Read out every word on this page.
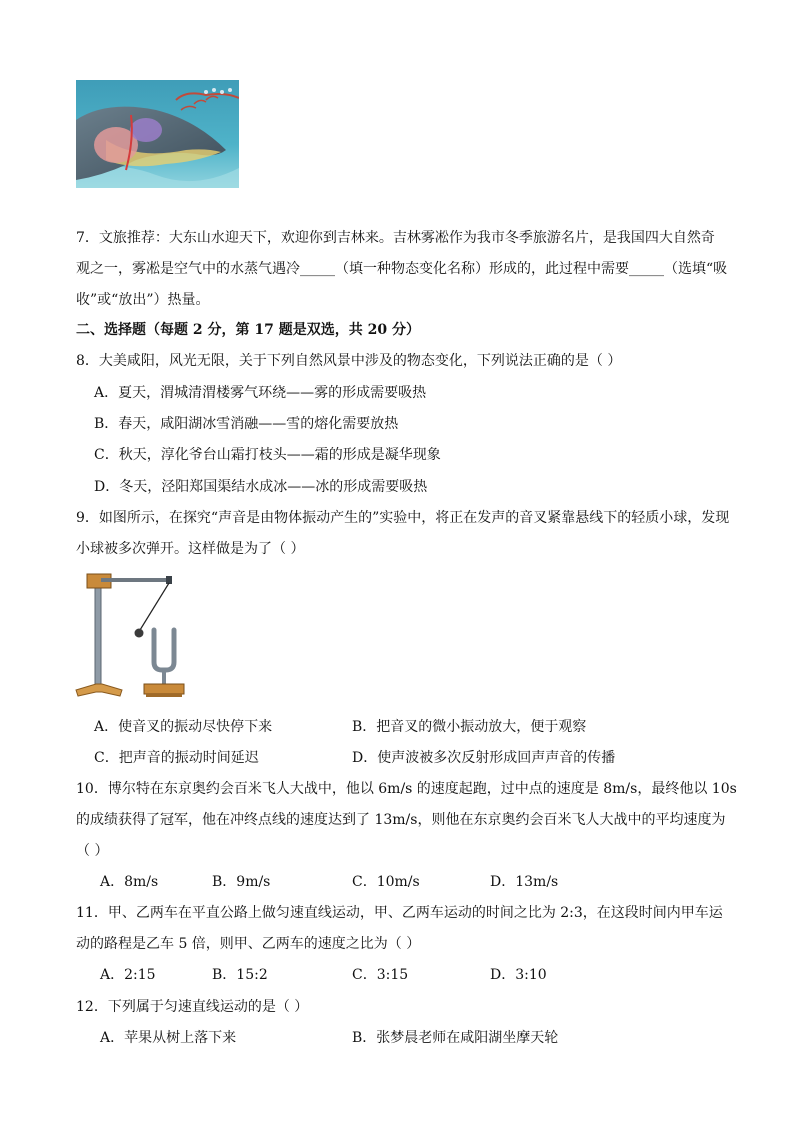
7．文旅推荐：大东山水迎天下，欢迎你到吉林来。吉林雾凇作为我市冬季旅游名片，是我国四大自然奇
观之一，雾凇是空气中的水蒸气遇冷_____（填一种物态变化名称）形成的，此过程中需要_____（选填“吸
收”或“放出”）热量。
二、选择题（每题 2 分，第 17 题是双选，共 20 分）
8．大美咸阳，风光无限，关于下列自然风景中涉及的物态变化，下列说法正确的是（ ）
A．夏天，渭城清渭楼雾气环绕——雾的形成需要吸热
B．春天，咸阳湖冰雪消融——雪的熔化需要放热
C．秋天，淳化爷台山霜打枝头——霜的形成是凝华现象
D．冬天，泾阳郑国渠结水成冰——冰的形成需要吸热
9．如图所示，在探究“声音是由物体振动产生的”实验中，将正在发声的音叉紧靠悬线下的轻质小球，发现
小球被多次弹开。这样做是为了（ ）
A．使音叉的振动尽快停下来	B．把音叉的微小振动放大，便于观察
C．把声音的振动时间延迟	D．使声波被多次反射形成回声声音的传播
10．博尔特在东京奥约会百米飞人大战中，他以 6m/s 的速度起跑，过中点的速度是 8m/s，最终他以 10s
的成绩获得了冠军，他在冲终点线的速度达到了 13m/s，则他在东京奥约会百米飞人大战中的平均速度为
（ ）
A．8m/s	B．9m/s	C．10m/s	D．13m/s
11．甲、乙两车在平直公路上做匀速直线运动，甲、乙两车运动的时间之比为 2:3，在这段时间内甲车运
动的路程是乙车 5 倍，则甲、乙两车的速度之比为（ ）
A．2:15	B．15:2	C．3:15	D．3:10
12．下列属于匀速直线运动的是（ ）
A．苹果从树上落下来	B．张梦晨老师在咸阳湖坐摩天轮
